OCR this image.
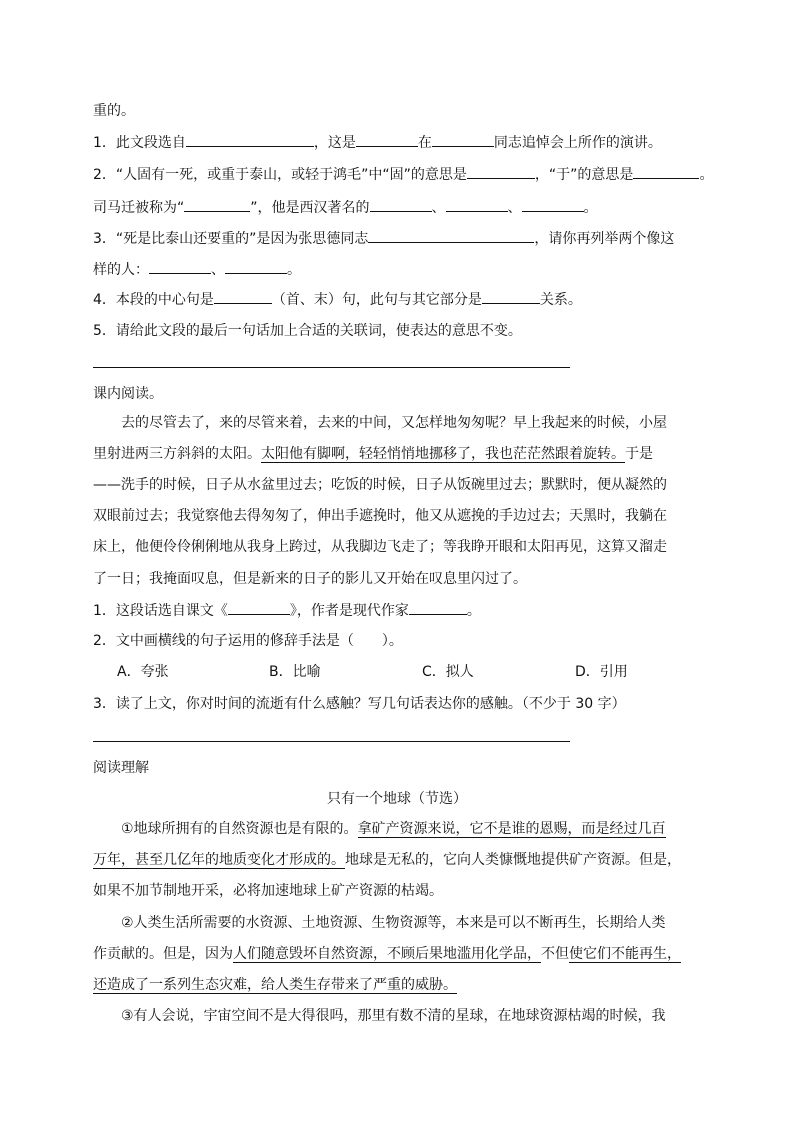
重的。
1．此文段选自	，这是	在	同志追悼会上所作的演讲。
2．“人固有一死，或重于泰山，或轻于鸿毛”中“固”的意思是	，“于”的意思是	。
司马迁被称为“	”，他是西汉著名的	、	、	。
3．“死是比泰山还要重的”是因为张思德同志	，请你再列举两个像这
样的人：	、	。
4．本段的中心句是	（首、末）句，此句与其它部分是	关系。
5．请给此文段的最后一句话加上合适的关联词，使表达的意思不变。
课内阅读。
去的尽管去了，来的尽管来着，去来的中间，又怎样地匆匆呢？早上我起来的时候，小屋
里射进两三方斜斜的太阳。太阳他有脚啊，轻轻悄悄地挪移了，我也茫茫然跟着旋转。于是
——洗手的时候，日子从水盆里过去；吃饭的时候，日子从饭碗里过去；默默时，便从凝然的
双眼前过去；我觉察他去得匆匆了，伸出手遮挽时，他又从遮挽的手边过去；天黑时，我躺在
床上，他便伶伶俐俐地从我身上跨过，从我脚边飞走了；等我睁开眼和太阳再见，这算又溜走
了一日；我掩面叹息，但是新来的日子的影儿又开始在叹息里闪过了。
1．这段话选自课文《	》，作者是现代作家	。
2．文中画横线的句子运用的修辞手法是（　　）。
A．夸张	B．比喻	C．拟人	D．引用
3．读了上文，你对时间的流逝有什么感触？写几句话表达你的感触。（不少于 30 字）
阅读理解
只有一个地球（节选）
①地球所拥有的自然资源也是有限的。拿矿产资源来说，它不是谁的恩赐，而是经过几百
万年，甚至几亿年的地质变化才形成的。地球是无私的，它向人类慷慨地提供矿产资源。但是，
如果不加节制地开采，必将加速地球上矿产资源的枯竭。
②人类生活所需要的水资源、土地资源、生物资源等，本来是可以不断再生，长期给人类
作贡献的。但是，因为人们随意毁坏自然资源，不顾后果地滥用化学品，不但使它们不能再生，
还造成了一系列生态灾难，给人类生存带来了严重的威胁。
③有人会说，宇宙空间不是大得很吗，那里有数不清的星球，在地球资源枯竭的时候，我
